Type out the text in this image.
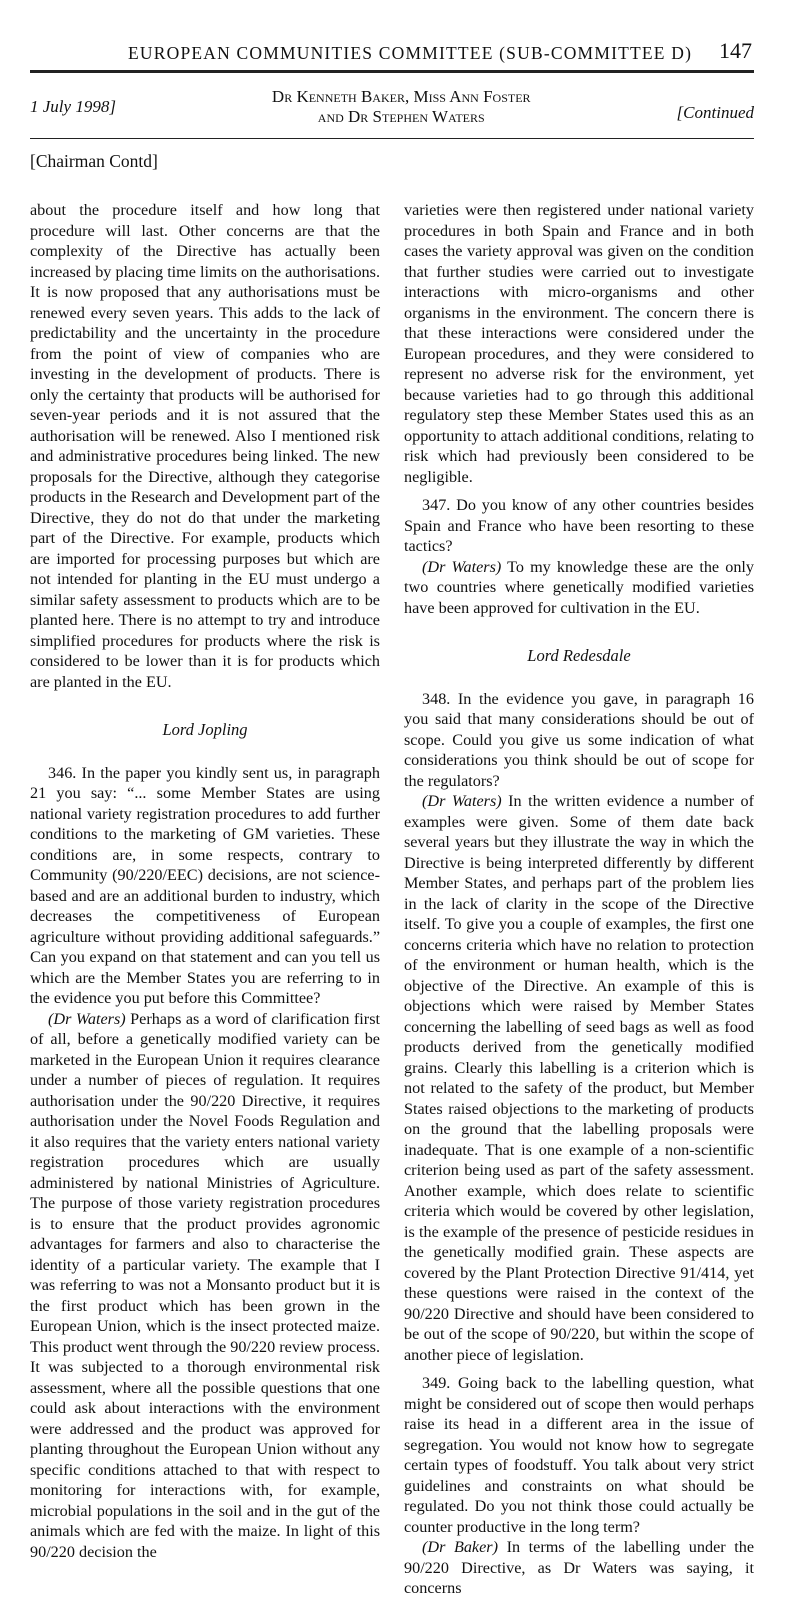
EUROPEAN COMMUNITIES COMMITTEE (SUB-COMMITTEE D) 147
1 July 1998]
Dr Kenneth Baker, Miss Ann Foster
and Dr Stephen Waters	[Continued
[Chairman Contd]

about the procedure itself and how long that procedure will last. Other concerns are that the complexity of the Directive has actually been increased by placing time limits on the authorisations. It is now proposed that any authorisations must be renewed every seven years. This adds to the lack of predictability and the uncertainty in the procedure from the point of view of companies who are investing in the development of products. There is only the certainty that products will be authorised for seven-year periods and it is not assured that the authorisation will be renewed. Also I mentioned risk and administrative procedures being linked. The new proposals for the Directive, although they categorise products in the Research and Development part of the Directive, they do not do that under the marketing part of the Directive. For example, products which are imported for processing purposes but which are not intended for planting in the EU must undergo a similar safety assessment to products which are to be planted here. There is no attempt to try and introduce simplified procedures for products where the risk is considered to be lower than it is for products which are planted in the EU.

Lord Jopling

346. In the paper you kindly sent us, in paragraph 21 you say: “... some Member States are using national variety registration procedures to add further conditions to the marketing of GM varieties. These conditions are, in some respects, contrary to Community (90/220/EEC) decisions, are not science-based and are an additional burden to industry, which decreases the competitiveness of European agriculture without providing additional safeguards.” Can you expand on that statement and can you tell us which are the Member States you are referring to in the evidence you put before this Committee?

(Dr Waters) Perhaps as a word of clarification first of all, before a genetically modified variety can be marketed in the European Union it requires clearance under a number of pieces of regulation. It requires authorisation under the 90/220 Directive, it requires authorisation under the Novel Foods Regulation and it also requires that the variety enters national variety registration procedures which are usually administered by national Ministries of Agriculture. The purpose of those variety registration procedures is to ensure that the product provides agronomic advantages for farmers and also to characterise the identity of a particular variety. The example that I was referring to was not a Monsanto product but it is the first product which has been grown in the European Union, which is the insect protected maize. This product went through the 90/220 review process. It was subjected to a thorough environmental risk assessment, where all the possible questions that one could ask about interactions with the environment were addressed and the product was approved for planting throughout the European Union without any specific conditions attached to that with respect to monitoring for interactions with, for example, microbial populations in the soil and in the gut of the animals which are fed with the maize. In light of this 90/220 decision the

varieties were then registered under national variety procedures in both Spain and France and in both cases the variety approval was given on the condition that further studies were carried out to investigate interactions with micro-organisms and other organisms in the environment. The concern there is that these interactions were considered under the European procedures, and they were considered to represent no adverse risk for the environment, yet because varieties had to go through this additional regulatory step these Member States used this as an opportunity to attach additional conditions, relating to risk which had previously been considered to be negligible.

347. Do you know of any other countries besides Spain and France who have been resorting to these tactics?

(Dr Waters) To my knowledge these are the only two countries where genetically modified varieties have been approved for cultivation in the EU.

Lord Redesdale

348. In the evidence you gave, in paragraph 16 you said that many considerations should be out of scope. Could you give us some indication of what considerations you think should be out of scope for the regulators?

(Dr Waters) In the written evidence a number of examples were given. Some of them date back several years but they illustrate the way in which the Directive is being interpreted differently by different Member States, and perhaps part of the problem lies in the lack of clarity in the scope of the Directive itself. To give you a couple of examples, the first one concerns criteria which have no relation to protection of the environment or human health, which is the objective of the Directive. An example of this is objections which were raised by Member States concerning the labelling of seed bags as well as food products derived from the genetically modified grains. Clearly this labelling is a criterion which is not related to the safety of the product, but Member States raised objections to the marketing of products on the ground that the labelling proposals were inadequate. That is one example of a non-scientific criterion being used as part of the safety assessment. Another example, which does relate to scientific criteria which would be covered by other legislation, is the example of the presence of pesticide residues in the genetically modified grain. These aspects are covered by the Plant Protection Directive 91/414, yet these questions were raised in the context of the 90/220 Directive and should have been considered to be out of the scope of 90/220, but within the scope of another piece of legislation.

349. Going back to the labelling question, what might be considered out of scope then would perhaps raise its head in a different area in the issue of segregation. You would not know how to segregate certain types of foodstuff. You talk about very strict guidelines and constraints on what should be regulated. Do you not think those could actually be counter productive in the long term?

(Dr Baker) In terms of the labelling under the 90/220 Directive, as Dr Waters was saying, it concerns
